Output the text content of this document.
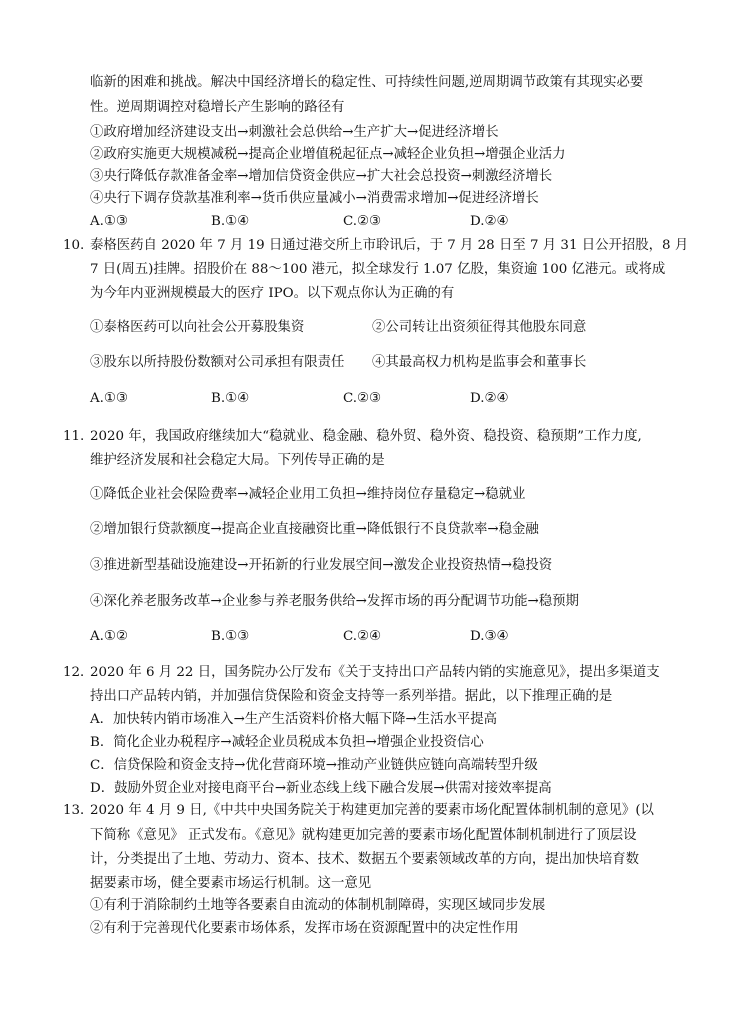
临新的困难和挑战。解决中国经济增长的稳定性、可持续性问题,逆周期调节政策有其现实必要
性。逆周期调控对稳增长产生影响的路径有
①政府增加经济建设支出→刺激社会总供给→生产扩大→促进经济增长
②政府实施更大规模减税→提高企业增值税起征点→减轻企业负担→增强企业活力
③央行降低存款准备金率→增加信贷资金供应→扩大社会总投资→刺激经济增长
④央行下调存贷款基准利率→货币供应量减小→消费需求增加→促进经济增长
A.①③	B.①④	C.②③	D.②④
10. 泰格医药自 2020 年 7 月 19 日通过港交所上市聆讯后，于 7 月 28 日至 7 月 31 日公开招股，8 月
7 日(周五)挂牌。招股价在 88～100 港元，拟全球发行 1.07 亿股，集资逾 100 亿港元。或将成
为今年内亚洲规模最大的医疗 IPO。以下观点你认为正确的有
①泰格医药可以向社会公开募股集资	②公司转让出资须征得其他股东同意
③股东以所持股份数额对公司承担有限责任 ④其最高权力机构是监事会和董事长
A.①③	B.①④	C.②③	D.②④
11. 2020 年，我国政府继续加大“稳就业、稳金融、稳外贸、稳外资、稳投资、稳预期”工作力度,
维护经济发展和社会稳定大局。下列传导正确的是
①降低企业社会保险费率→减轻企业用工负担→维持岗位存量稳定→稳就业
②增加银行贷款额度→提高企业直接融资比重→降低银行不良贷款率→稳金融
③推进新型基础设施建设→开拓新的行业发展空间→激发企业投资热情→稳投资
④深化养老服务改革→企业参与养老服务供给→发挥市场的再分配调节功能→稳预期
A.①②	B.①③	C.②④	D.③④
12．
2020 年 6 月 22 日，国务院办公厅发布《关于支持出口产品转内销的实施意见》，提出多渠道支
持出口产品转内销，并加强信贷保险和资金支持等一系列举措。据此，以下推理正确的是
A．加快转内销市场准入→生产生活资料价格大幅下降→生活水平提高
B．简化企业办税程序→减轻企业员税成本负担→增强企业投资信心
C．信贷保险和资金支持→优化营商环境→推动产业链供应链向高端转型升级
D．鼓励外贸企业对接电商平台→新业态线上线下融合发展→供需对接效率提高
13．
2020 年 4 月 9 日,《中共中央国务院关于构建更加完善的要素市场化配置体制机制的意见》(以
下简称《意见》 正式发布。《意见》就构建更加完善的要素市场化配置体制机制进行了顶层设
计，分类提出了土地、劳动力、资本、技术、数据五个要素领域改革的方向，提出加快培育数
据要素市场，健全要素市场运行机制。这一意见
①有利于消除制约土地等各要素自由流动的体制机制障碍，实现区域同步发展
②有利于完善现代化要素市场体系，发挥市场在资源配置中的决定性作用
